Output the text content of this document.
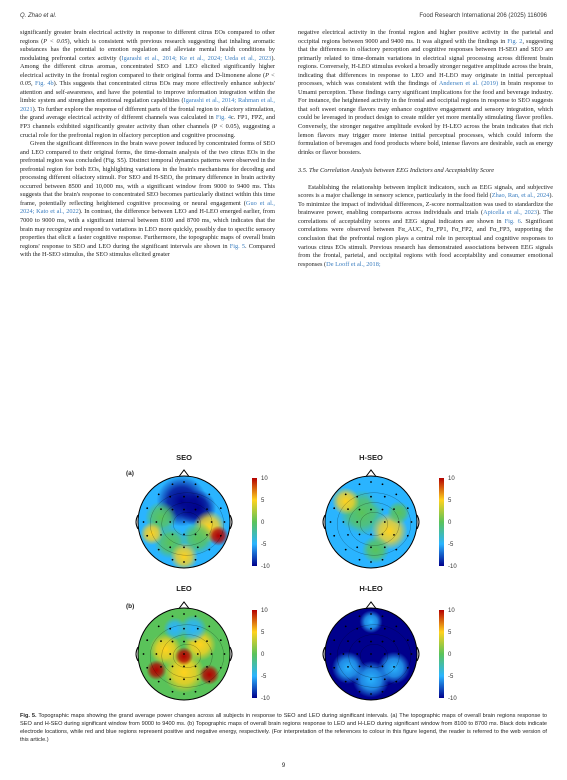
Q. Zhao et al.	Food Research International 206 (2025) 116096

significantly greater brain electrical activity in response to different citrus EOs compared to other regions (P < 0.05), which is consistent with previous research suggesting that inhaling aromatic substances has the potential to emotion regulation and alleviate mental health conditions by modulating prefrontal cortex activity (Igarashi et al., 2014; Ke et al., 2024; Ueda et al., 2023). Among the different citrus aromas, concentrated SEO and LEO elicited significantly higher electrical activity in the frontal region compared to their original forms and D-limonene alone (P < 0.05, Fig. 4b). This suggests that concentrated citrus EOs may more effectively enhance subjects' attention and self-awareness, and have the potential to improve information integration within the limbic system and strengthen emotional regulation capabilities (Igarashi et al., 2014; Rahman et al., 2021). To further explore the response of different parts of the frontal region to olfactory stimulation, the grand average electrical activity of different channels was calculated in Fig. 4c. FP1, FPZ, and FP3 channels exhibited significantly greater activity than other channels (P < 0.05), suggesting a crucial role for the prefrontal region in olfactory perception and cognitive processing.

Given the significant differences in the brain wave power induced by concentrated forms of SEO and LEO compared to their original forms, the time-domain analysis of the two citrus EOs in the prefrontal region was concluded (Fig. S5). Distinct temporal dynamics patterns were observed in the prefrontal region for both EOs, highlighting variations in the brain's mechanisms for decoding and processing different olfactory stimuli. For SEO and H-SEO, the primary difference in brain activity occurred between 8500 and 10,000 ms, with a significant window from 9000 to 9400 ms. This suggests that the brain's response to concentrated SEO becomes particularly distinct within this time frame, potentially reflecting heightened cognitive processing or neural engagement (Guo et al., 2024; Kato et al., 2022). In contrast, the difference between LEO and H-LEO emerged earlier, from 7000 to 9000 ms, with a significant interval between 8100 and 8700 ms, which indicates that the brain may recognize and respond to variations in LEO more quickly, possibly due to specific sensory properties that elicit a faster cognitive response. Furthermore, the topographic maps of overall brain regions' response to SEO and LEO during the significant intervals are shown in Fig. 5. Compared with the H-SEO stimulus, the SEO stimulus elicited greater

negative electrical activity in the frontal region and higher positive activity in the parietal and occipital regions between 9000 and 9400 ms. It was aligned with the findings in Fig. 2, suggesting that the differences in olfactory perception and cognitive responses between H-SEO and SEO are primarily related to time-domain variations in electrical signal processing across different brain regions. Conversely, H-LEO stimulus evoked a broadly stronger negative amplitude across the brain, indicating that differences in response to LEO and H-LEO may originate in initial perceptual processes, which was consistent with the findings of Andersen et al. (2019) in brain response to Umami perception. These findings carry significant implications for the food and beverage industry. For instance, the heightened activity in the frontal and occipital regions in response to SEO suggests that soft sweet orange flavors may enhance cognitive engagement and sensory integration, which could be leveraged in product design to create milder yet more mentally stimulating flavor profiles. Conversely, the stronger negative amplitude evoked by H-LEO across the brain indicates that rich lemon flavors may trigger more intense initial perceptual processes, which could inform the formulation of beverages and food products where bold, intense flavors are desirable, such as energy drinks or flavor boosters.

3.5. The Correlation Analysis between EEG Indictors and Acceptability Score

Establishing the relationship between implicit indicators, such as EEG signals, and subjective scores is a major challenge in sensory science, particularly in the food field (Zhao, Ran, et al., 2024). To minimize the impact of individual differences, Z-score normalization was used to standardize the brainwave power, enabling comparisons across individuals and trials (Apicella et al., 2023). The correlations of acceptability scores and EEG signal indicators are shown in Fig. 6. Significant correlations were observed between Fα_AUC, Fα_FP1, Fα_FP2, and Fα_FP3, supporting the conclusion that the prefrontal region plays a central role in perceptual and cognitive responses to various citrus EOs stimuli. Previous research has demonstrated associations between EEG signals from the frontal, parietal, and occipital regions with food acceptability and consumer emotional responses (De Looff et al., 2018;

(a)
(b)
SEO	H-SEO
LEO	H-LEO
10
5
0
-5
-10
10
5
0
-5
-10
10
5
0
-5
-10
10
5
0
-5
-10
Fig. 5. Topographic maps showing the grand average power changes across all subjects in response to SEO and LEO during significant intervals. (a) The topographic maps of overall brain regions response to SEO and H-SEO during significant window from 9000 to 9400 ms. (b) Topographic maps of overall brain regions response to LEO and H-LEO during significant window from 8100 to 8700 ms. Black dots indicate electrode locations, while red and blue regions represent positive and negative energy, respectively. (For interpretation of the references to colour in this figure legend, the reader is referred to the web version of this article.)
9
